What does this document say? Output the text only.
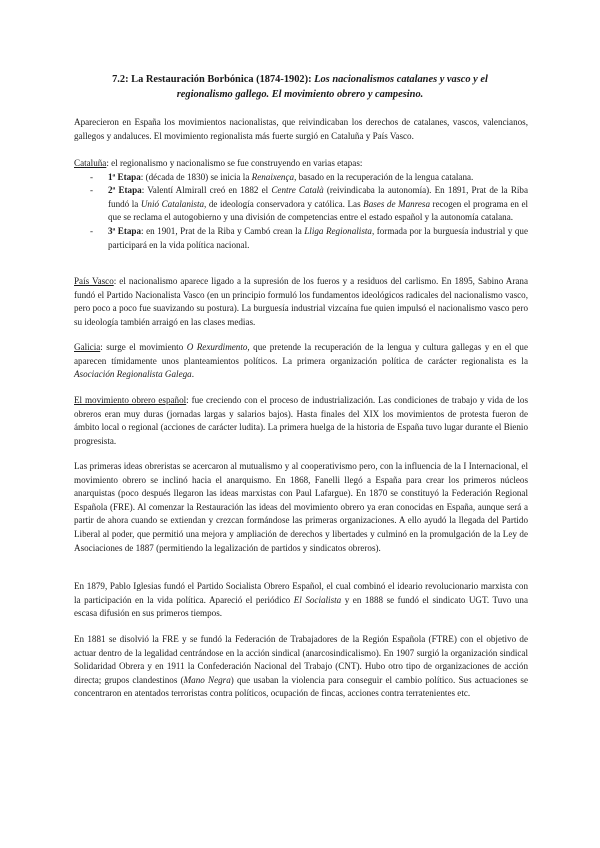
7.2: La Restauración Borbónica (1874-1902): Los nacionalismos catalanes y vasco y el regionalismo gallego. El movimiento obrero y campesino.
Aparecieron en España los movimientos nacionalistas, que reivindicaban los derechos de catalanes, vascos, valencianos, gallegos y andaluces. El movimiento regionalista más fuerte surgió en Cataluña y País Vasco.
Cataluña: el regionalismo y nacionalismo se fue construyendo en varias etapas:
- 1ª Etapa: (década de 1830) se inicia la Renaixença, basado en la recuperación de la lengua catalana.
- 2ª Etapa: Valentí Almirall creó en 1882 el Centre Català (reivindicaba la autonomía). En 1891, Prat de la Riba fundó la Unió Catalanista, de ideología conservadora y católica. Las Bases de Manresa recogen el programa en el que se reclama el autogobierno y una división de competencias entre el estado español y la autonomía catalana.
- 3ª Etapa: en 1901, Prat de la Riba y Cambó crean la Lliga Regionalista, formada por la burguesía industrial y que participará en la vida política nacional.
País Vasco: el nacionalismo aparece ligado a la supresión de los fueros y a residuos del carlismo. En 1895, Sabino Arana fundó el Partido Nacionalista Vasco (en un principio formuló los fundamentos ideológicos radicales del nacionalismo vasco, pero poco a poco fue suavizando su postura). La burguesía industrial vizcaína fue quien impulsó el nacionalismo vasco pero su ideología también arraigó en las clases medias.
Galicia: surge el movimiento O Rexurdimento, que pretende la recuperación de la lengua y cultura gallegas y en el que aparecen tímidamente unos planteamientos políticos. La primera organización política de carácter regionalista es la Asociación Regionalista Galega.
El movimiento obrero español: fue creciendo con el proceso de industrialización. Las condiciones de trabajo y vida de los obreros eran muy duras (jornadas largas y salarios bajos). Hasta finales del XIX los movimientos de protesta fueron de ámbito local o regional (acciones de carácter ludita). La primera huelga de la historia de España tuvo lugar durante el Bienio progresista.
Las primeras ideas obreristas se acercaron al mutualismo y al cooperativismo pero, con la influencia de la I Internacional, el movimiento obrero se inclinó hacia el anarquismo. En 1868, Fanelli llegó a España para crear los primeros núcleos anarquistas (poco después llegaron las ideas marxistas con Paul Lafargue). En 1870 se constituyó la Federación Regional Española (FRE). Al comenzar la Restauración las ideas del movimiento obrero ya eran conocidas en España, aunque será a partir de ahora cuando se extiendan y crezcan formándose las primeras organizaciones. A ello ayudó la llegada del Partido Liberal al poder, que permitió una mejora y ampliación de derechos y libertades y culminó en la promulgación de la Ley de Asociaciones de 1887 (permitiendo la legalización de partidos y sindicatos obreros).
En 1879, Pablo Iglesias fundó el Partido Socialista Obrero Español, el cual combinó el ideario revolucionario marxista con la participación en la vida política. Apareció el periódico El Socialista y en 1888 se fundó el sindicato UGT. Tuvo una escasa difusión en sus primeros tiempos.
En 1881 se disolvió la FRE y se fundó la Federación de Trabajadores de la Región Española (FTRE) con el objetivo de actuar dentro de la legalidad centrándose en la acción sindical (anarcosindicalismo). En 1907 surgió la organización sindical Solidaridad Obrera y en 1911 la Confederación Nacional del Trabajo (CNT). Hubo otro tipo de organizaciones de acción directa; grupos clandestinos (Mano Negra) que usaban la violencia para conseguir el cambio político. Sus actuaciones se concentraron en atentados terroristas contra políticos, ocupación de fincas, acciones contra terratenientes etc.
